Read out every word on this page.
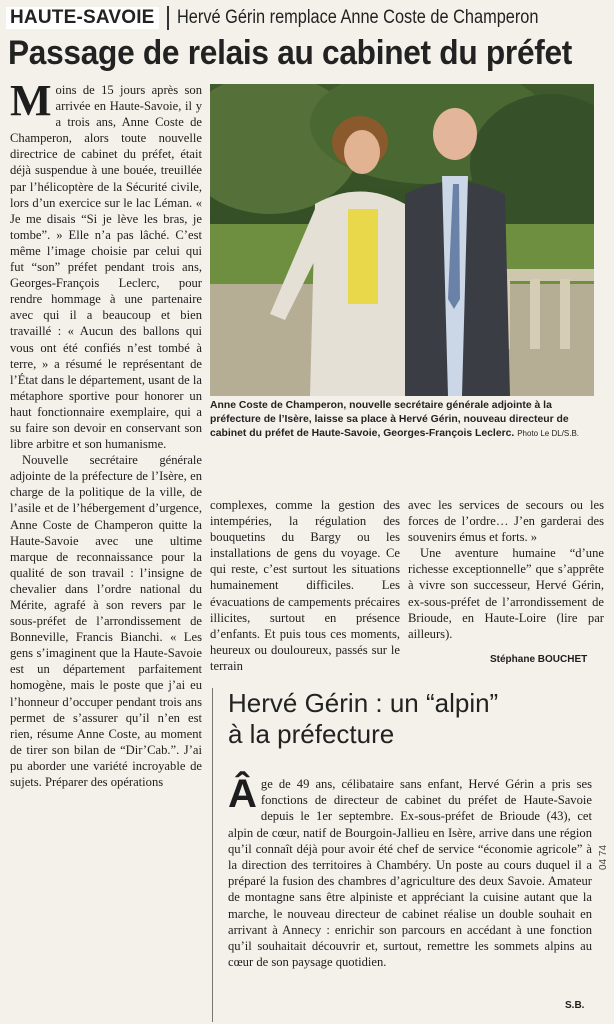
HAUTE-SAVOIE Hervé Gérin remplace Anne Coste de Champeron
Passage de relais au cabinet du préfet

Moins de 15 jours après son arrivée en Haute-Savoie, il y a trois ans, Anne Coste de Champeron, alors toute nouvelle directrice de cabinet du préfet, était déjà suspendue à une bouée, treuillée par l’hélicoptère de la Sécurité civile, lors d’un exercice sur le lac Léman. « Je me disais “Si je lève les bras, je tombe”. » Elle n’a pas lâché. C’est même l’image choisie par celui qui fut “son” préfet pendant trois ans, Georges-François Leclerc, pour rendre hommage à une partenaire avec qui il a beaucoup et bien travaillé : « Aucun des ballons qui vous ont été confiés n’est tombé à terre, » a résumé le représentant de l’État dans le département, usant de la métaphore sportive pour honorer un haut fonctionnaire exemplaire, qui a su faire son devoir en conservant son libre arbitre et son humanisme.

Nouvelle secrétaire générale adjointe de la préfecture de l’Isère, en charge de la politique de la ville, de l’asile et de l’hébergement d’urgence, Anne Coste de Champeron quitte la Haute-Savoie avec une ultime marque de reconnaissance pour la qualité de son travail : l’insigne de chevalier dans l’ordre national du Mérite, agrafé à son revers par le sous-préfet de l’arrondissement de Bonneville, Francis Bianchi. « Les gens s’imaginent que la Haute-Savoie est un département parfaitement homogène, mais le poste que j’ai eu l’honneur d’occuper pendant trois ans permet de s’assurer qu’il n’en est rien, résume Anne Coste, au moment de tirer son bilan de “Dir’Cab.”. J’ai pu aborder une variété incroyable de sujets. Préparer des opérations

Anne Coste de Champeron, nouvelle secrétaire générale adjointe à la préfecture de l’Isère, laisse sa place à Hervé Gérin, nouveau directeur de cabinet du préfet de Haute-Savoie, Georges-François Leclerc. Photo Le DL/S.B.

complexes, comme la gestion des intempéries, la régulation des bouquetins du Bargy ou les installations de gens du voyage. Ce qui reste, c’est surtout les situations humainement difficiles. Les évacuations de campements précaires illicites, surtout en présence d’enfants. Et puis tous ces moments, heureux ou douloureux, passés sur le terrain

avec les services de secours ou les forces de l’ordre… J’en garderai des souvenirs émus et forts. »

Une aventure humaine “d’une richesse exceptionnelle” que s’apprête à vivre son successeur, Hervé Gérin, ex-sous-préfet de l’arrondissement de Brioude, en Haute-Loire (lire par ailleurs).

Stéphane BOUCHET
Hervé Gérin : un “alpin”
à la préfecture
Âge de 49 ans, célibataire sans enfant, Hervé Gérin a pris ses fonctions de directeur de cabinet du préfet de Haute-Savoie depuis le 1er septembre. Ex-sous-préfet de Brioude (43), cet alpin de cœur, natif de Bourgoin-Jallieu en Isère, arrive dans une région qu’il connaît déjà pour avoir été chef de service “économie agricole” à la direction des territoires à Chambéry. Un poste au cours duquel il a préparé la fusion des chambres d’agriculture des deux Savoie. Amateur de montagne sans être alpiniste et appréciant la cuisine autant que la marche, le nouveau directeur de cabinet réalise un double souhait en arrivant à Annecy : enrichir son parcours en accédant à une fonction qu’il souhaitait découvrir et, surtout, remettre les sommets alpins au cœur de son paysage quotidien.
S.B.
04 74
